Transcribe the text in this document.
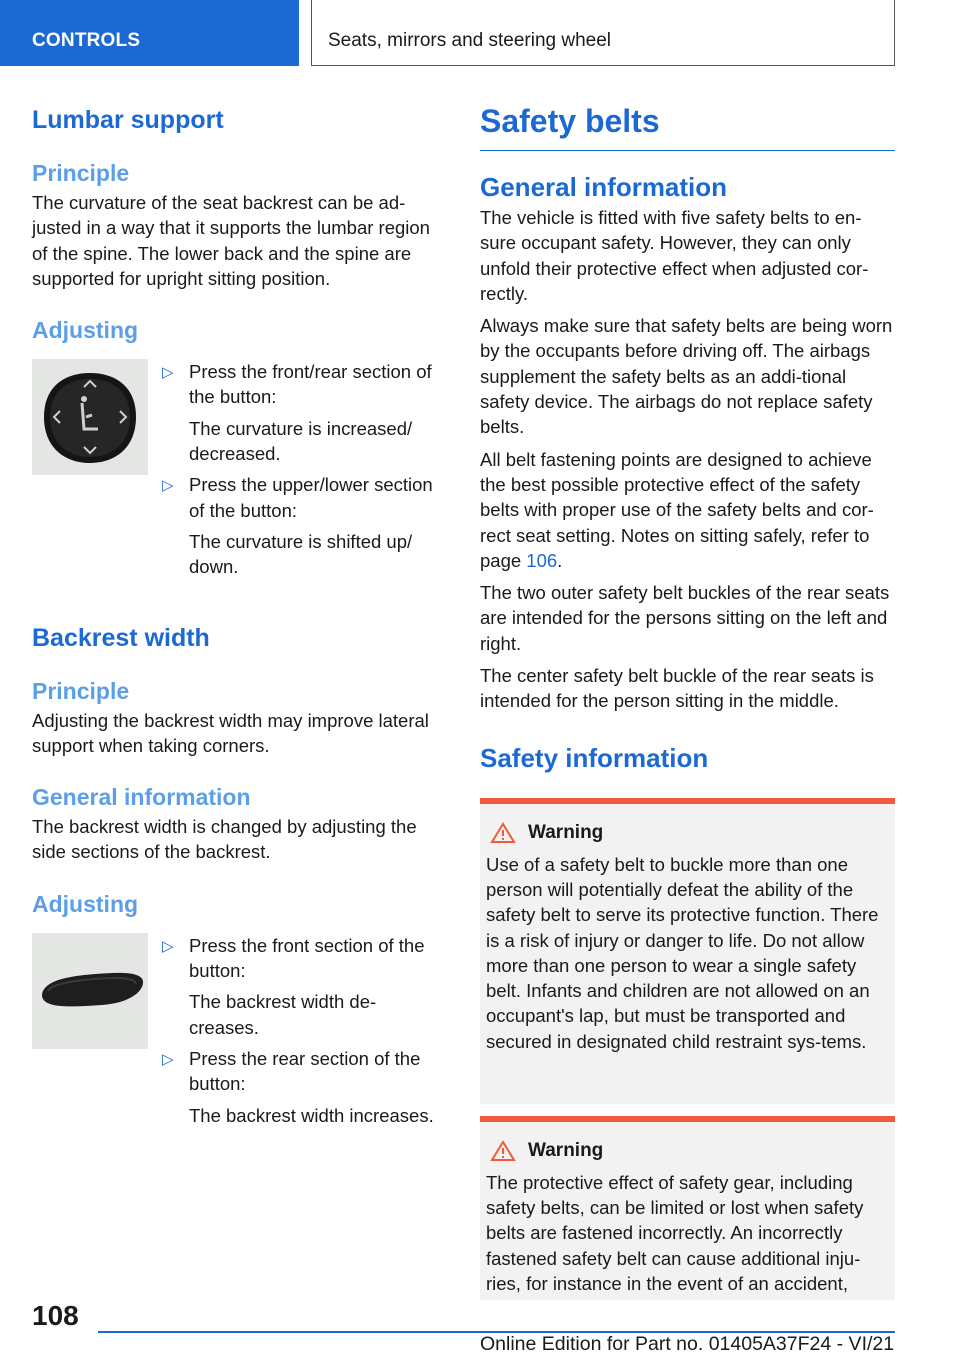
CONTROLS	Seats, mirrors and steering wheel
Lumbar support
Principle

The curvature of the seat backrest can be ad-justed in a way that it supports the lumbar region of the spine. The lower back and the spine are supported for upright sitting position.

Adjusting
▷ Press the front/rear section of the button:

The curvature is increased/ decreased.

▷ Press the upper/lower section of the button:

The curvature is shifted up/ down.

Backrest width
Principle

Adjusting the backrest width may improve lateral support when taking corners.

General information

The backrest width is changed by adjusting the side sections of the backrest.

Adjusting
▷ Press the front section of the button:

The backrest width de-creases.

▷ Press the rear section of the button:

The backrest width increases.

Safety belts
General information

The vehicle is fitted with five safety belts to en-sure occupant safety. However, they can only unfold their protective effect when adjusted cor-rectly.

Always make sure that safety belts are being worn by the occupants before driving off. The airbags supplement the safety belts as an addi-tional safety device. The airbags do not replace safety belts.

All belt fastening points are designed to achieve the best possible protective effect of the safety belts with proper use of the safety belts and cor-rect seat setting. Notes on sitting safely, refer to page 106.

The two outer safety belt buckles of the rear seats are intended for the persons sitting on the left and right.

The center safety belt buckle of the rear seats is intended for the person sitting in the middle.

Safety information
Warning

Use of a safety belt to buckle more than one person will potentially defeat the ability of the safety belt to serve its protective function. There is a risk of injury or danger to life. Do not allow more than one person to wear a single safety belt. Infants and children are not allowed on an occupant's lap, but must be transported and secured in designated child restraint sys-tems.

Warning

The protective effect of safety gear, including safety belts, can be limited or lost when safety belts are fastened incorrectly. An incorrectly fastened safety belt can cause additional inju-ries, for instance in the event of an accident,

108
Online Edition for Part no. 01405A37F24 - VI/21
